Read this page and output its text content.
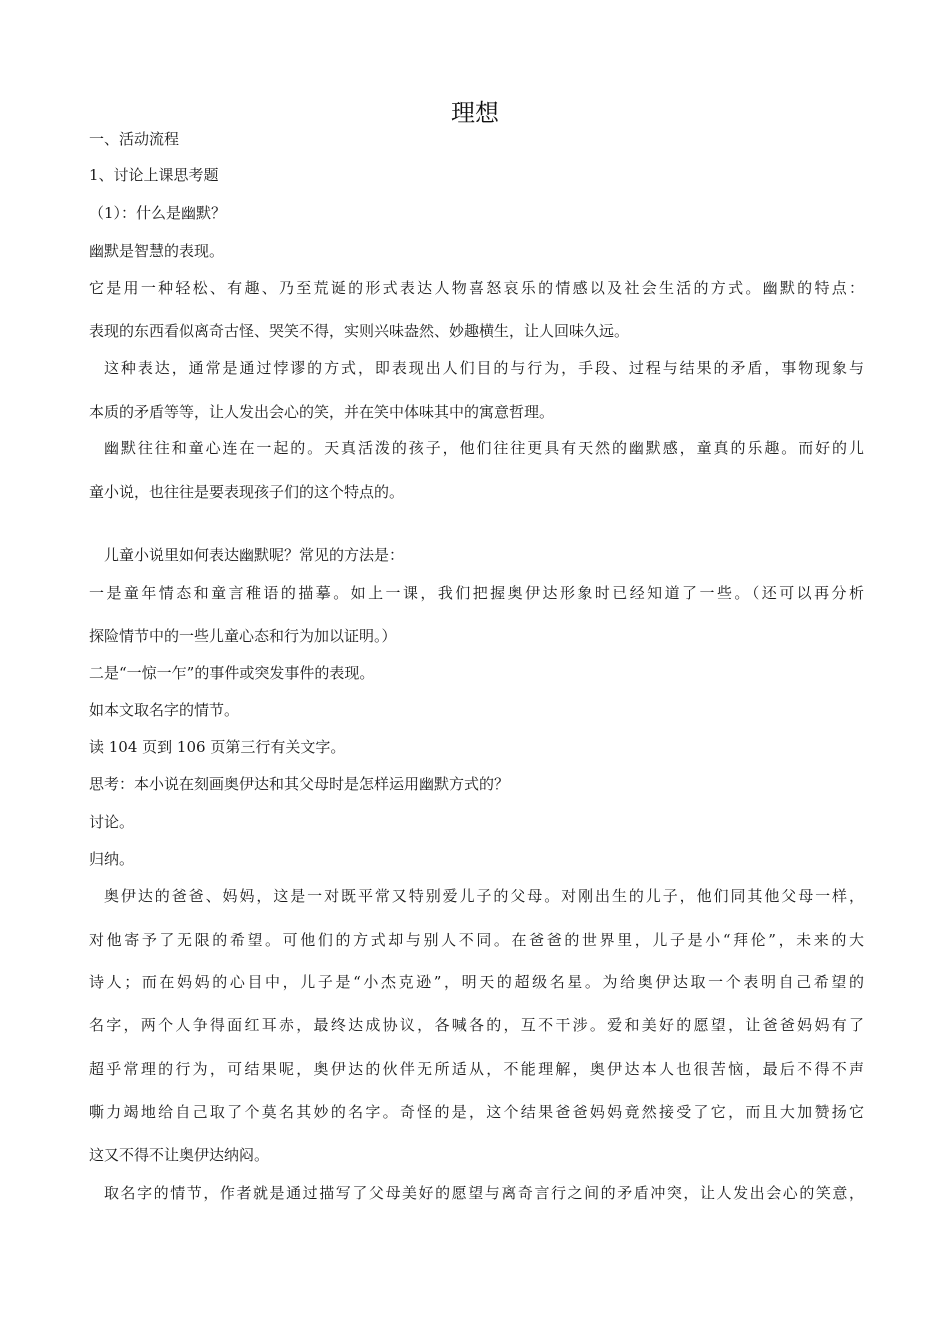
理想
一、活动流程
1、讨论上课思考题
（1）：什么是幽默？
幽默是智慧的表现。
它是用一种轻松、有趣、乃至荒诞的形式表达人物喜怒哀乐的情感以及社会生活的方式。幽默的特点：
表现的东西看似离奇古怪、哭笑不得，实则兴味盎然、妙趣横生，让人回味久远。
这种表达，通常是通过悖谬的方式，即表现出人们目的与行为，手段、过程与结果的矛盾，事物现象与
本质的矛盾等等，让人发出会心的笑，并在笑中体味其中的寓意哲理。
幽默往往和童心连在一起的。天真活泼的孩子，他们往往更具有天然的幽默感，童真的乐趣。而好的儿
童小说，也往往是要表现孩子们的这个特点的。
儿童小说里如何表达幽默呢？常见的方法是：
一是童年情态和童言稚语的描摹。如上一课，我们把握奥伊达形象时已经知道了一些。（还可以再分析
探险情节中的一些儿童心态和行为加以证明。）
二是“一惊一乍”的事件或突发事件的表现。
如本文取名字的情节。
读 104 页到 106 页第三行有关文字。
思考：本小说在刻画奥伊达和其父母时是怎样运用幽默方式的？
讨论。
归纳。
奥伊达的爸爸、妈妈，这是一对既平常又特别爱儿子的父母。对刚出生的儿子，他们同其他父母一样，
对他寄予了无限的希望。可他们的方式却与别人不同。在爸爸的世界里，儿子是小“拜伦”，未来的大
诗人；而在妈妈的心目中，儿子是“小杰克逊”，明天的超级名星。为给奥伊达取一个表明自己希望的
名字，两个人争得面红耳赤，最终达成协议，各喊各的，互不干涉。爱和美好的愿望，让爸爸妈妈有了
超乎常理的行为，可结果呢，奥伊达的伙伴无所适从，不能理解，奥伊达本人也很苦恼，最后不得不声
嘶力竭地给自己取了个莫名其妙的名字。奇怪的是，这个结果爸爸妈妈竟然接受了它，而且大加赞扬它
这又不得不让奥伊达纳闷。
取名字的情节，作者就是通过描写了父母美好的愿望与离奇言行之间的矛盾冲突，让人发出会心的笑意，
